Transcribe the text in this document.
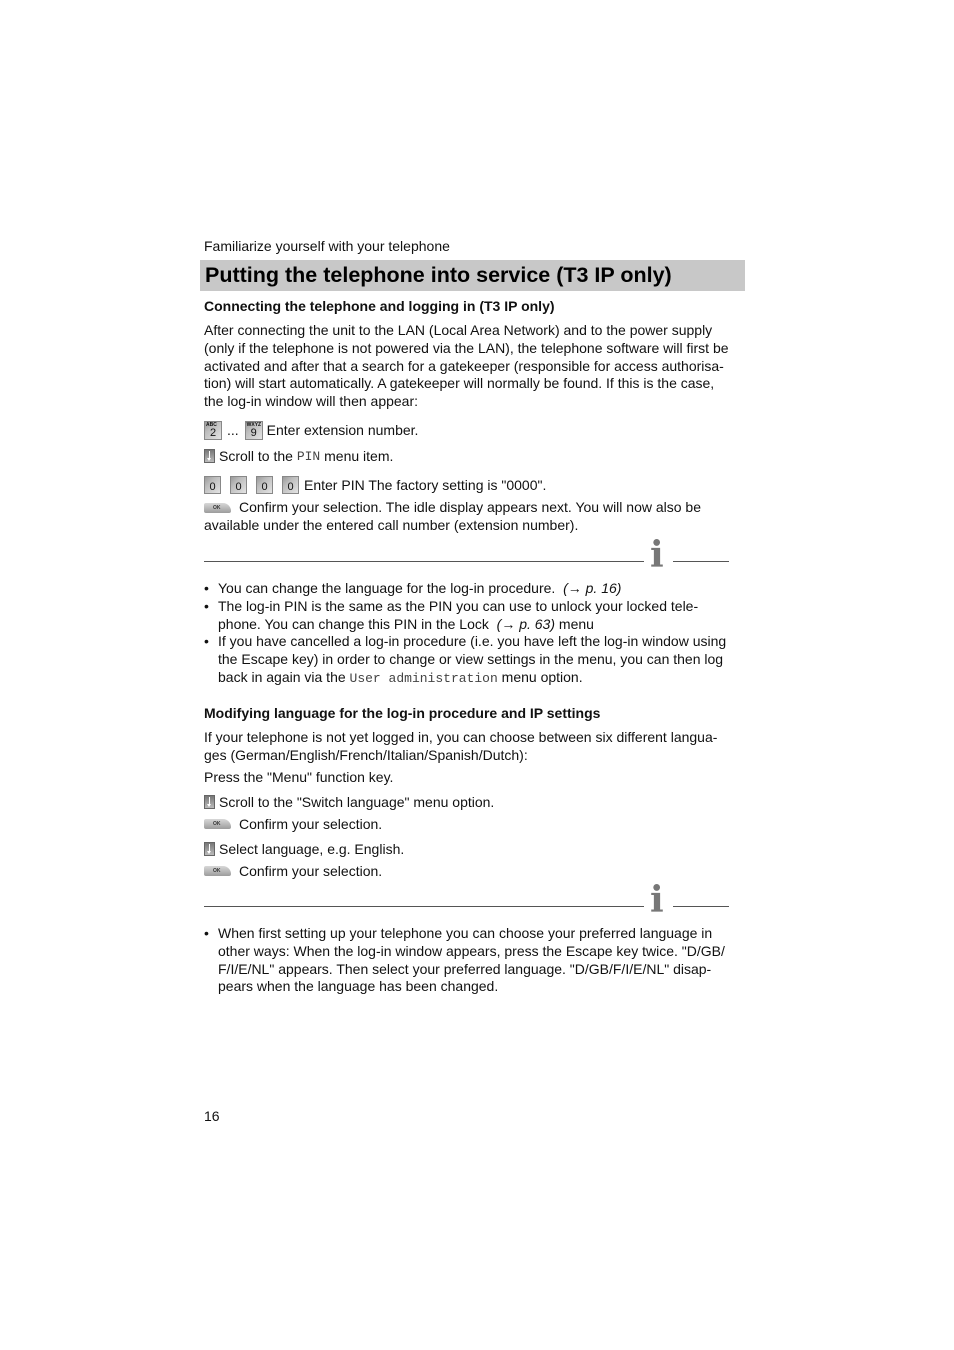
Familiarize yourself with your telephone
Putting the telephone into service (T3 IP only)
Connecting the telephone and logging in (T3 IP only)
After connecting the unit to the LAN (Local Area Network) and to the power supply
(only if the telephone is not powered via the LAN), the telephone software will first be
activated and after that a search for a gatekeeper (responsible for access authorisa-
tion) will start automatically. A gatekeeper will normally be found. If this is the case,
the log-in window will then appear:
ABC
2 ... WXYZ
9 Enter extension number.
Scroll to the
PIN
menu item.
0	0	0	0 Enter PIN The factory setting is "0000".
OK Confirm your selection. The idle display appears next. You will now also be
available under the entered call number (extension number).
i
• You can change the language for the log-in procedure. (→ p. 16)
• The log-in PIN is the same as the PIN you can use to unlock your locked tele-
phone. You can change this PIN in the Lock (→ p. 63) menu
• If you have cancelled a log-in procedure (i.e. you have left the log-in window using
the Escape key) in order to change or view settings in the menu, you can then log
back in again via the User administration menu option.
Modifying language for the log-in procedure and IP settings
If your telephone is not yet logged in, you can choose between six different langua-
ges (German/English/French/Italian/Spanish/Dutch):
Press the "Menu" function key.
Scroll to the "Switch language" menu option.
OK Confirm your selection.
Select language, e.g. English.
OK Confirm your selection.
i
• When first setting up your telephone you can choose your preferred language in
other ways: When the log-in window appears, press the Escape key twice. "D/GB/
F/I/E/NL" appears. Then select your preferred language. "D/GB/F/I/E/NL" disap-
pears when the language has been changed.
16
